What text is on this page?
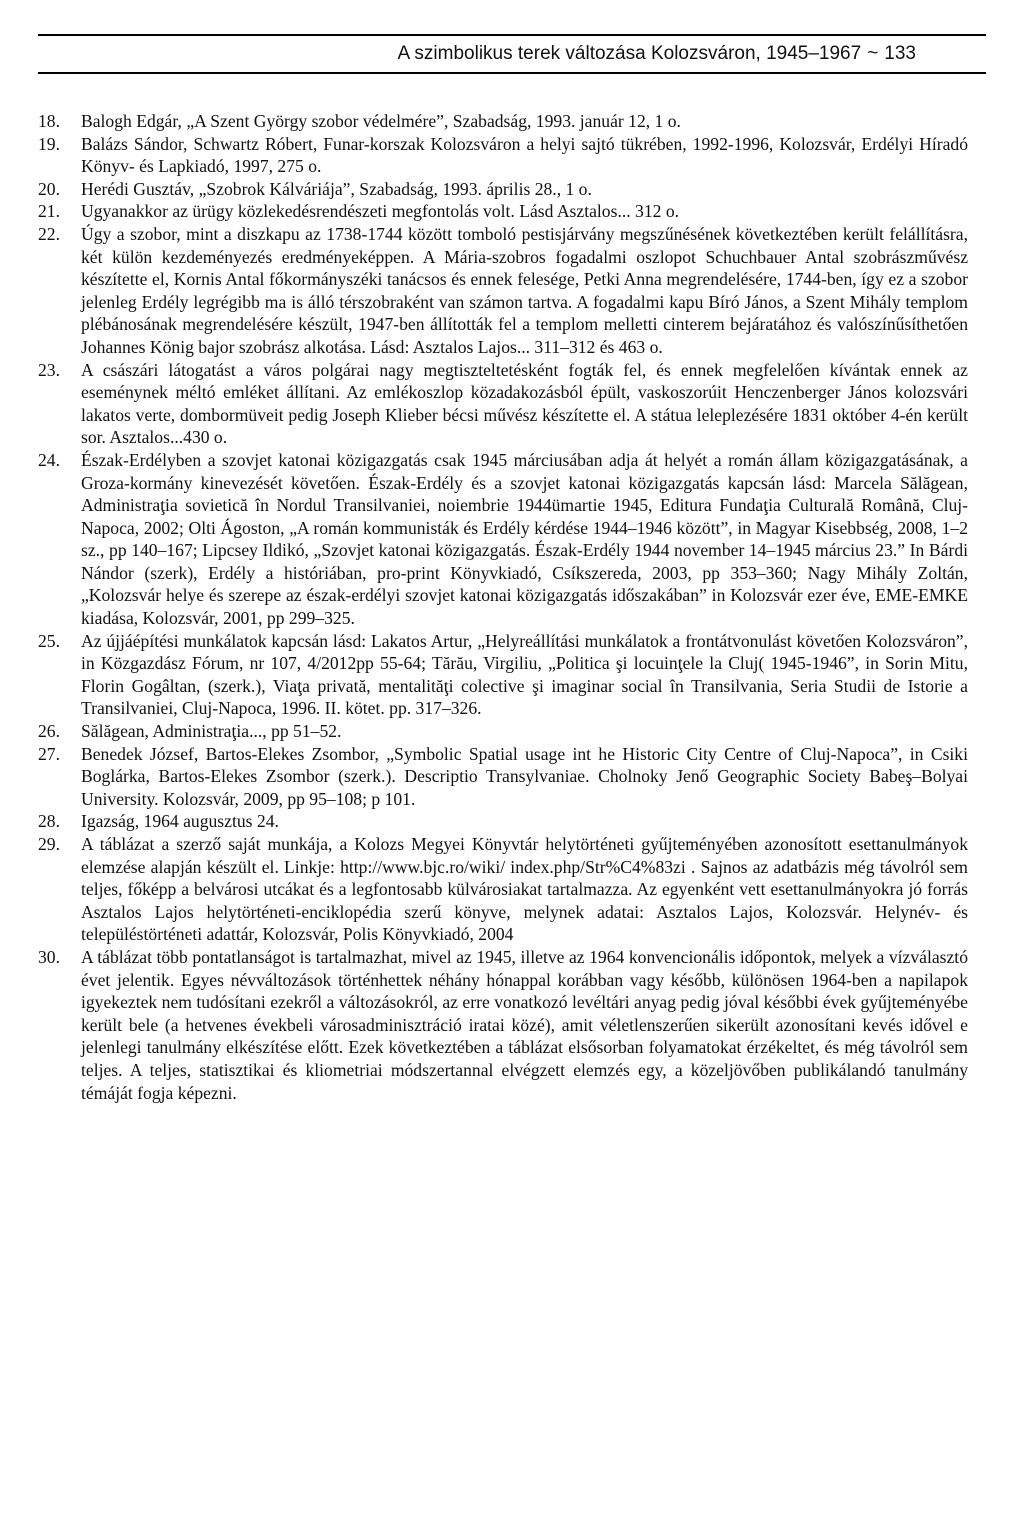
A szimbolikus terek változása Kolozsváron, 1945–1967 ~ 133
18.	Balogh Edgár, „A Szent György szobor védelmére”, Szabadság, 1993. január 12, 1 o.
19.	Balázs Sándor, Schwartz Róbert, Funar-korszak Kolozsváron a helyi sajtó tükrében, 1992-1996, Kolozsvár, Erdélyi Híradó Könyv- és Lapkiadó, 1997, 275 o.
20.	Herédi Gusztáv, „Szobrok Kálváriája”, Szabadság, 1993. április 28., 1 o.
21.	Ugyanakkor az ürügy közlekedésrendészeti megfontolás volt. Lásd Asztalos... 312 o.
22.	Úgy a szobor, mint a diszkapu az 1738-1744 között tomboló pestisjárvány megszűnésének következtében került felállításra, két külön kezdeményezés eredményeképpen. A Mária-szobros fogadalmi oszlopot Schuchbauer Antal szobrászművész készítette el, Kornis Antal főkormányszéki tanácsos és ennek felesége, Petki Anna megrendelésére, 1744-ben, így ez a szobor jelenleg Erdély legrégibb ma is álló térszobraként van számon tartva. A fogadalmi kapu Bíró János, a Szent Mihály templom plébánosának megrendelésére készült, 1947-ben állították fel a templom melletti cinterem bejáratához és valószínűsíthetően Johannes König bajor szobrász alkotása. Lásd: Asztalos Lajos... 311–312 és 463 o.
23.	A császári látogatást a város polgárai nagy megtiszteltetésként fogták fel, és ennek megfelelően kívántak ennek az eseménynek méltó emléket állítani. Az emlékoszlop közadakozásból épült, vaskoszorúit Henczenberger János kolozsvári lakatos verte, dombormüveit pedig Joseph Klieber bécsi művész készítette el. A státua leleplezésére 1831 október 4-én került sor. Asztalos...430 o.
24.	Észak-Erdélyben a szovjet katonai közigazgatás csak 1945 márciusában adja át helyét a román állam közigazgatásának, a Groza-kormány kinevezését követően. Észak-Erdély és a szovjet katonai közigazgatás kapcsán lásd: Marcela Sălăgean, Administraţia sovietică în Nordul Transilvaniei, noiembrie 1944ümartie 1945, Editura Fundaţia Culturală Română, Cluj-Napoca, 2002; Olti Ágoston, „A román kommunisták és Erdély kérdése 1944–1946 között”, in Magyar Kisebbség, 2008, 1–2 sz., pp 140–167; Lipcsey Ildikó, „Szovjet katonai közigazgatás. Észak-Erdély 1944 november 14–1945 március 23.” In Bárdi Nándor (szerk), Erdély a históriában, pro-print Könyvkiadó, Csíkszereda, 2003, pp 353–360; Nagy Mihály Zoltán, „Kolozsvár helye és szerepe az észak-erdélyi szovjet katonai közigazgatás időszakában” in Kolozsvár ezer éve, EME-EMKE kiadása, Kolozsvár, 2001, pp 299–325.
25.	Az újjáépítési munkálatok kapcsán lásd: Lakatos Artur, „Helyreállítási munkálatok a frontátvonulást követően Kolozsváron”, in Közgazdász Fórum, nr 107, 4/2012pp 55-64; Tărău, Virgiliu, „Politica şi locuinţele la Cluj( 1945-1946”, in Sorin Mitu, Florin Gogâltan, (szerk.), Viaţa privată, mentalităţi colective şi imaginar social în Transilvania, Seria Studii de Istorie a Transilvaniei, Cluj-Napoca, 1996. II. kötet. pp. 317–326.
26.	Sălăgean, Administraţia..., pp 51–52.
27.	Benedek József, Bartos-Elekes Zsombor, „Symbolic Spatial usage int he Historic City Centre of Cluj-Napoca”, in Csiki Boglárka, Bartos-Elekes Zsombor (szerk.). Descriptio Transylvaniae. Cholnoky Jenő Geographic Society Babeş–Bolyai University. Kolozsvár, 2009, pp 95–108; p 101.
28.	Igazság, 1964 augusztus 24.
29.	A táblázat a szerző saját munkája, a Kolozs Megyei Könyvtár helytörténeti gyűjteményében azonosított esettanulmányok elemzése alapján készült el. Linkje: http://www.bjc.ro/wiki/ index.php/Str%C4%83zi . Sajnos az adatbázis még távolról sem teljes, főképp a belvárosi utcákat és a legfontosabb külvárosiakat tartalmazza. Az egyenként vett esettanulmányokra jó forrás Asztalos Lajos helytörténeti-enciklopédia szerű könyve, melynek adatai: Asztalos Lajos, Kolozsvár. Helynév- és településtörténeti adattár, Kolozsvár, Polis Könyvkiadó, 2004
30.	A táblázat több pontatlanságot is tartalmazhat, mivel az 1945, illetve az 1964 konvencionális időpontok, melyek a vízválasztó évet jelentik. Egyes névváltozások történhettek néhány hónappal korábban vagy később, különösen 1964-ben a napilapok igyekeztek nem tudósítani ezekről a változásokról, az erre vonatkozó levéltári anyag pedig jóval későbbi évek gyűjteményébe került bele (a hetvenes évekbeli városadminisztráció iratai közé), amit véletlenszerűen sikerült azonosítani kevés idővel e jelenlegi tanulmány elkészítése előtt. Ezek következtében a táblázat elsősorban folyamatokat érzékeltet, és még távolról sem teljes. A teljes, statisztikai és kliometriai módszertannal elvégzett elemzés egy, a közeljövőben publikálandó tanulmány témáját fogja képezni.
